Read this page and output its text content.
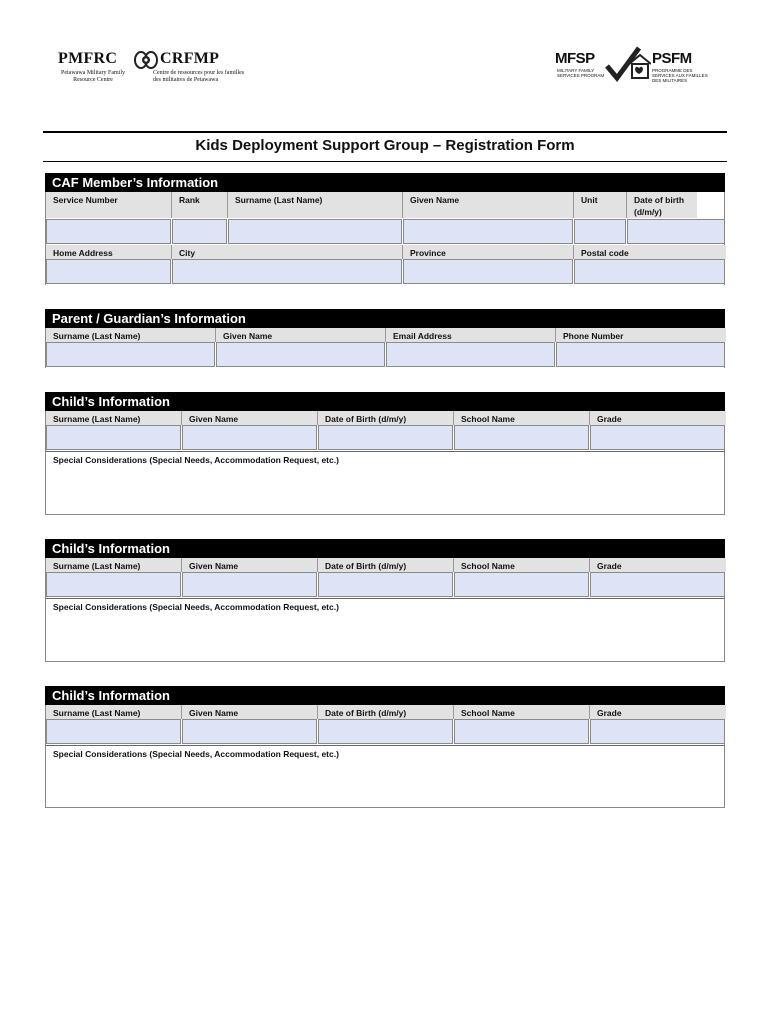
PMFRC	CRFMP
Petawawa Military Family Resource Centre
Centre de ressources pour les familles des militaires de Petawawa
MFSP	PSFM
MILITARY FAMILY SERVICES PROGRAM
PROGRAMME DES SERVICES AUX FAMILLES DES MILITAIRES
Kids Deployment Support Group – Registration Form
CAF Member’s Information
Service Number	Rank	Surname (Last Name)	Given Name	Unit	Date of birth (d/m/y)
Home Address	City	Province	Postal code
Parent / Guardian’s Information
Surname (Last Name)	Given Name	Email Address	Phone Number
Child’s Information
Surname (Last Name)	Given Name	Date of Birth (d/m/y)	School Name	Grade
Special Considerations (Special Needs, Accommodation Request, etc.)
Child’s Information
Surname (Last Name)	Given Name	Date of Birth (d/m/y)	School Name	Grade
Special Considerations (Special Needs, Accommodation Request, etc.)
Child’s Information
Surname (Last Name)	Given Name	Date of Birth (d/m/y)	School Name	Grade
Special Considerations (Special Needs, Accommodation Request, etc.)
